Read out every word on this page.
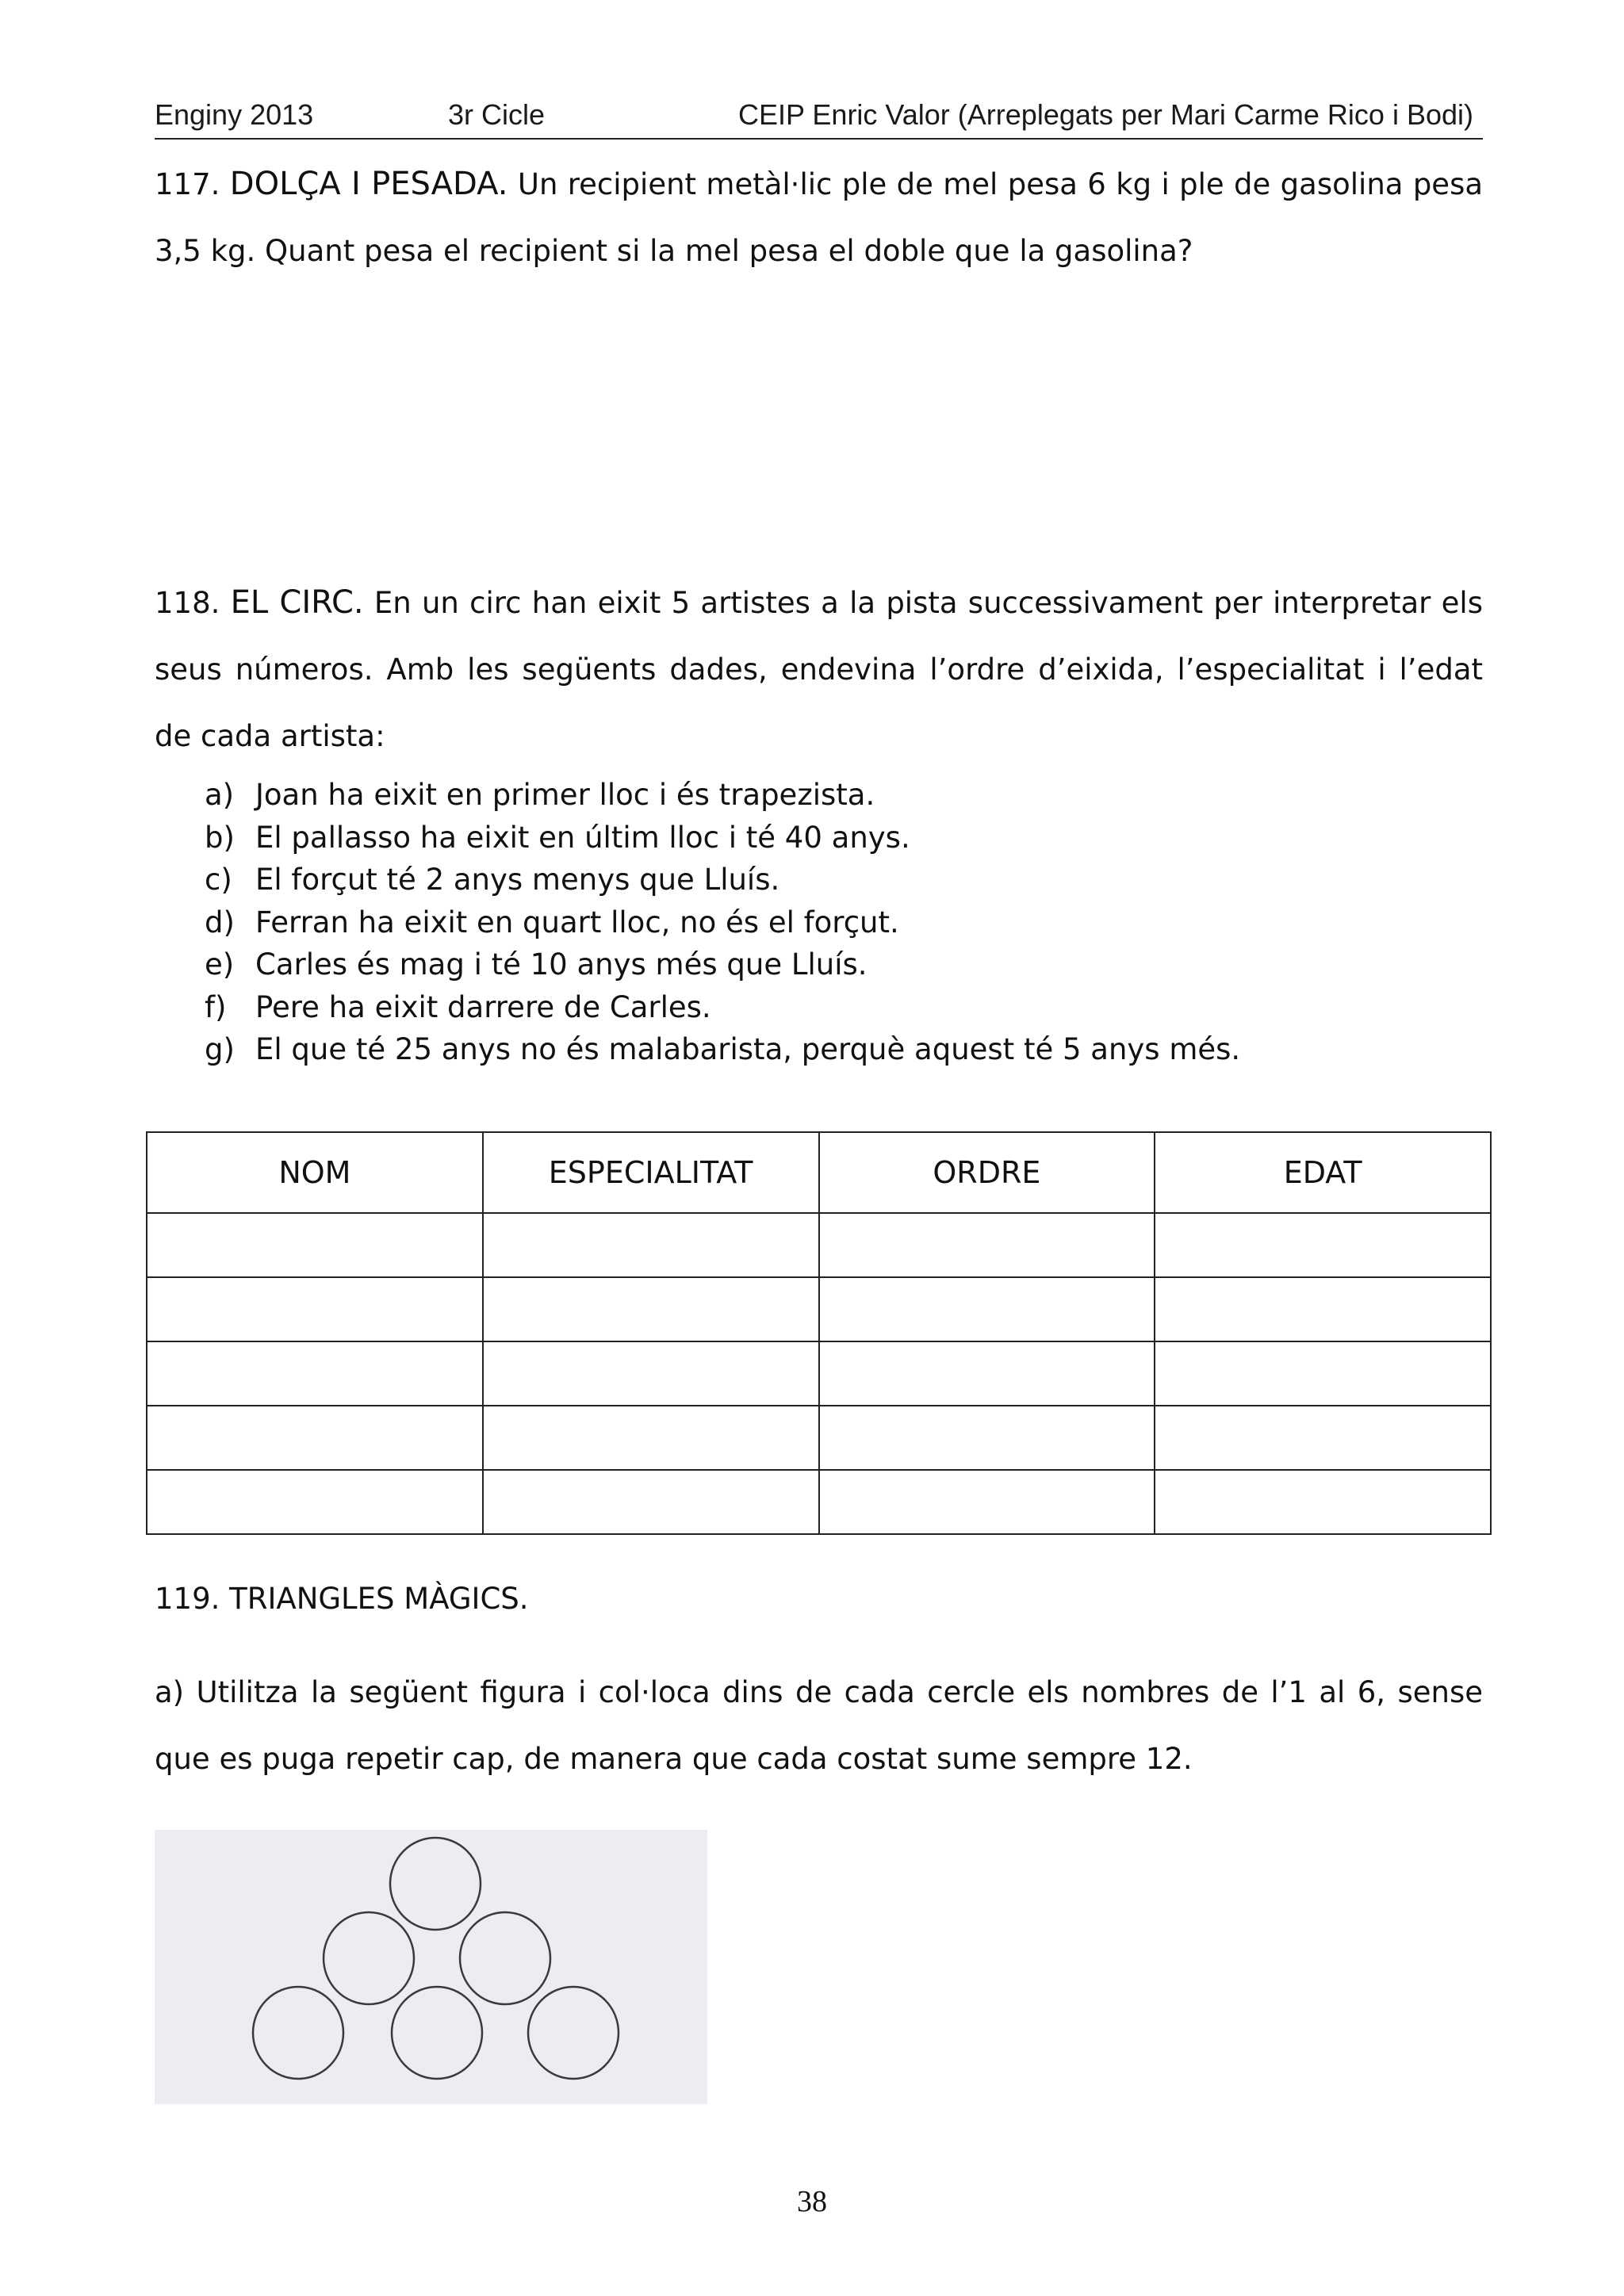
Enginy 2013	3r Cicle	CEIP Enric Valor (Arreplegats per Mari Carme Rico i Bodi)
117. DOLÇA I PESADA. Un recipient metàl·lic ple de mel pesa 6 kg i ple de gasolina pesa 3,5 kg. Quant pesa el recipient si la mel pesa el doble que la gasolina?
118. EL CIRC. En un circ han eixit 5 artistes a la pista successivament per interpretar els seus números. Amb les següents dades, endevina l’ordre d’eixida, l’especialitat i l’edat de cada artista:
a) Joan ha eixit en primer lloc i és trapezista.
b) El pallasso ha eixit en últim lloc i té 40 anys.
c) El forçut té 2 anys menys que Lluís.
d) Ferran ha eixit en quart lloc, no és el forçut.
e) Carles és mag i té 10 anys més que Lluís.
f) Pere ha eixit darrere de Carles.
g) El que té 25 anys no és malabarista, perquè aquest té 5 anys més.
NOM	ESPECIALITAT	ORDRE	EDAT

119. TRIANGLES MÀGICS.
a) Utilitza la següent figura i col·loca dins de cada cercle els nombres de l’1 al 6, sense que es puga repetir cap, de manera que cada costat sume sempre 12.
38
